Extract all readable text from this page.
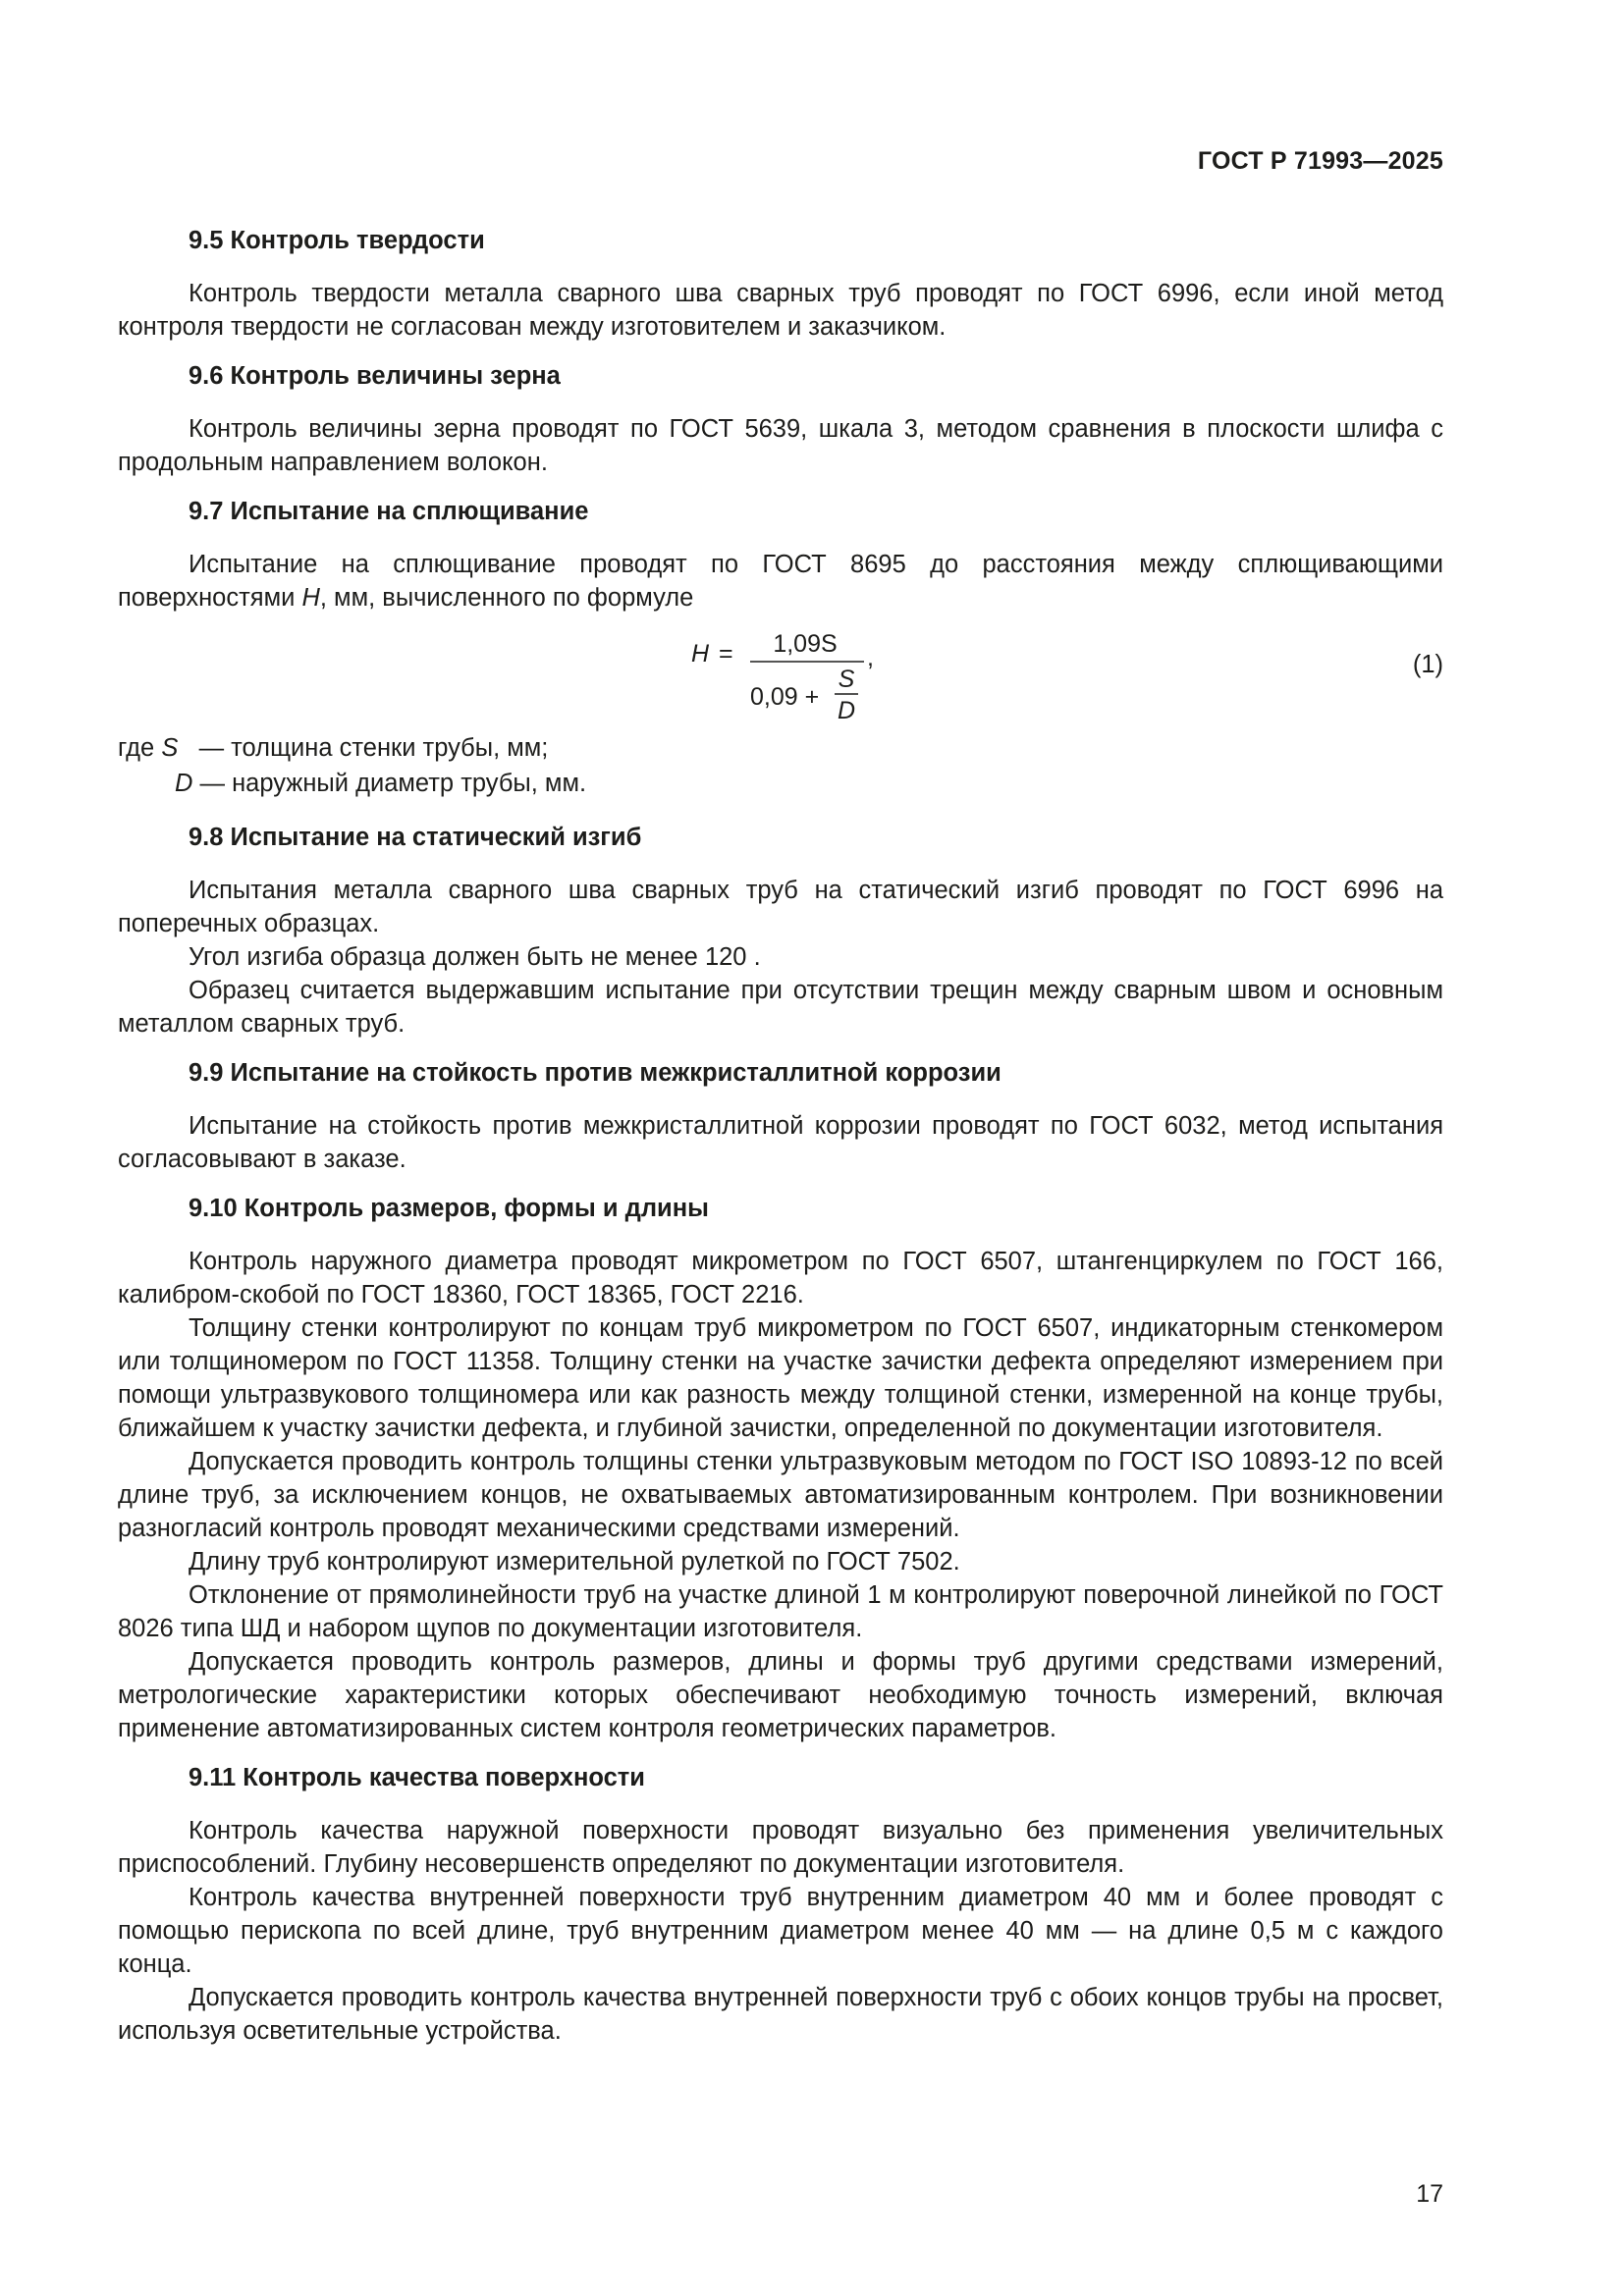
ГОСТ Р 71993—2025
9.5 Контроль твердости

Контроль твердости металла сварного шва сварных труб проводят по ГОСТ 6996, если иной метод контроля твердости не согласован между изготовителем и заказчиком.

9.6 Контроль величины зерна

Контроль величины зерна проводят по ГОСТ 5639, шкала 3, методом сравнения в плоскости шлифа с продольным направлением волокон.

9.7 Испытание на сплющивание

Испытание на сплющивание проводят по ГОСТ 8695 до расстояния между сплющивающими поверхностями H, мм, вычисленного по формуле

H = 1,09S
0,09 +
S
D
,	(1)
где S   — толщина стенки трубы, мм;
D — наружный диаметр трубы, мм.
9.8 Испытание на статический изгиб

Испытания металла сварного шва сварных труб на статический изгиб проводят по ГОСТ 6996 на поперечных образцах.

Угол изгиба образца должен быть не менее 120 .

Образец считается выдержавшим испытание при отсутствии трещин между сварным швом и основным металлом сварных труб.

9.9 Испытание на стойкость против межкристаллитной коррозии

Испытание на стойкость против межкристаллитной коррозии проводят по ГОСТ 6032, метод испытания согласовывают в заказе.

9.10 Контроль размеров, формы и длины

Контроль наружного диаметра проводят микрометром по ГОСТ 6507, штангенциркулем по ГОСТ 166, калибром-скобой по ГОСТ 18360, ГОСТ 18365, ГОСТ 2216.

Толщину стенки контролируют по концам труб микрометром по ГОСТ 6507, индикаторным стенкомером или толщиномером по ГОСТ 11358. Толщину стенки на участке зачистки дефекта определяют измерением при помощи ультразвукового толщиномера или как разность между толщиной стенки, измеренной на конце трубы, ближайшем к участку зачистки дефекта, и глубиной зачистки, определенной по документации изготовителя.

Допускается проводить контроль толщины стенки ультразвуковым методом по ГОСТ ISO 10893-12 по всей длине труб, за исключением концов, не охватываемых автоматизированным контролем. При возникновении разногласий контроль проводят механическими средствами измерений.

Длину труб контролируют измерительной рулеткой по ГОСТ 7502.

Отклонение от прямолинейности труб на участке длиной 1 м контролируют поверочной линейкой по ГОСТ 8026 типа ШД и набором щупов по документации изготовителя.

Допускается проводить контроль размеров, длины и формы труб другими средствами измерений, метрологические характеристики которых обеспечивают необходимую точность измерений, включая применение автоматизированных систем контроля геометрических параметров.

9.11 Контроль качества поверхности

Контроль качества наружной поверхности проводят визуально без применения увеличительных приспособлений. Глубину несовершенств определяют по документации изготовителя.

Контроль качества внутренней поверхности труб внутренним диаметром 40 мм и более проводят с помощью перископа по всей длине, труб внутренним диаметром менее 40 мм — на длине 0,5 м с каждого конца.

Допускается проводить контроль качества внутренней поверхности труб с обоих концов трубы на просвет, используя осветительные устройства.

17
